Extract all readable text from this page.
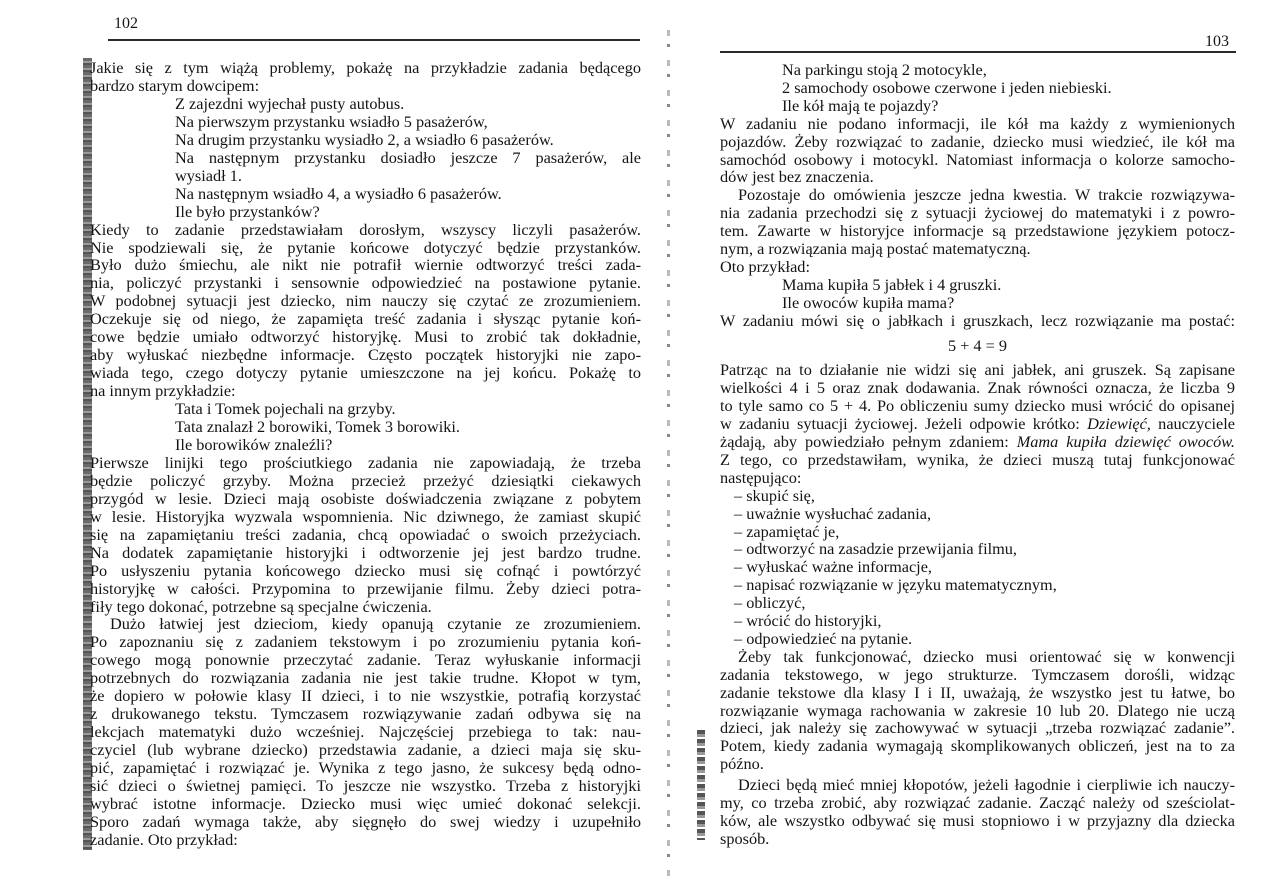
102
Jakie się z tym wiążą problemy, pokażę na przykładzie zadania będącego
bardzo starym dowcipem:
Z zajezdni wyjechał pusty autobus.
Na pierwszym przystanku wsiadło 5 pasażerów,
Na drugim przystanku wysiadło 2, a wsiadło 6 pasażerów.
Na następnym przystanku dosiadło jeszcze 7 pasażerów, ale
wysiadł 1.
Na następnym wsiadło 4, a wysiadło 6 pasażerów.
Ile było przystanków?
Kiedy to zadanie przedstawiałam dorosłym, wszyscy liczyli pasażerów.
Nie spodziewali się, że pytanie końcowe dotyczyć będzie przystanków.
Było dużo śmiechu, ale nikt nie potrafił wiernie odtworzyć treści zada-
nia, policzyć przystanki i sensownie odpowiedzieć na postawione pytanie.
W podobnej sytuacji jest dziecko, nim nauczy się czytać ze zrozumieniem.
Oczekuje się od niego, że zapamięta treść zadania i słysząc pytanie koń-
cowe będzie umiało odtworzyć historyjkę. Musi to zrobić tak dokładnie,
aby wyłuskać niezbędne informacje. Często początek historyjki nie zapo-
wiada tego, czego dotyczy pytanie umieszczone na jej końcu. Pokażę to
na innym przykładzie:
Tata i Tomek pojechali na grzyby.
Tata znalazł 2 borowiki, Tomek 3 borowiki.
Ile borowików znaleźli?
Pierwsze linijki tego prościutkiego zadania nie zapowiadają, że trzeba
będzie policzyć grzyby. Można przecież przeżyć dziesiątki ciekawych
przygód w lesie. Dzieci mają osobiste doświadczenia związane z pobytem
w lesie. Historyjka wyzwala wspomnienia. Nic dziwnego, że zamiast skupić
się na zapamiętaniu treści zadania, chcą opowiadać o swoich przeżyciach.
Na dodatek zapamiętanie historyjki i odtworzenie jej jest bardzo trudne.
Po usłyszeniu pytania końcowego dziecko musi się cofnąć i powtórzyć
historyjkę w całości. Przypomina to przewijanie filmu. Żeby dzieci potra-
fiły tego dokonać, potrzebne są specjalne ćwiczenia.
Dużo łatwiej jest dzieciom, kiedy opanują czytanie ze zrozumieniem.
Po zapoznaniu się z zadaniem tekstowym i po zrozumieniu pytania koń-
cowego mogą ponownie przeczytać zadanie. Teraz wyłuskanie informacji
potrzebnych do rozwiązania zadania nie jest takie trudne. Kłopot w tym,
że dopiero w połowie klasy II dzieci, i to nie wszystkie, potrafią korzystać
z drukowanego tekstu. Tymczasem rozwiązywanie zadań odbywa się na
lekcjach matematyki dużo wcześniej. Najczęściej przebiega to tak: nau-
czyciel (lub wybrane dziecko) przedstawia zadanie, a dzieci maja się sku-
pić, zapamiętać i rozwiązać je. Wynika z tego jasno, że sukcesy będą odno-
sić dzieci o świetnej pamięci. To jeszcze nie wszystko. Trzeba z historyjki
wybrać istotne informacje. Dziecko musi więc umieć dokonać selekcji.
Sporo zadań wymaga także, aby sięgnęło do swej wiedzy i uzupełniło
zadanie. Oto przykład:
103
Na parkingu stoją 2 motocykle,
2 samochody osobowe czerwone i jeden niebieski.
Ile kół mają te pojazdy?
W zadaniu nie podano informacji, ile kół ma każdy z wymienionych
pojazdów. Żeby rozwiązać to zadanie, dziecko musi wiedzieć, ile kół ma
samochód osobowy i motocykl. Natomiast informacja o kolorze samocho-
dów jest bez znaczenia.
Pozostaje do omówienia jeszcze jedna kwestia. W trakcie rozwiązywa-
nia zadania przechodzi się z sytuacji życiowej do matematyki i z powro-
tem. Zawarte w historyjce informacje są przedstawione językiem potocz-
nym, a rozwiązania mają postać matematyczną.
Oto przykład:
Mama kupiła 5 jabłek i 4 gruszki.
Ile owoców kupiła mama?
W zadaniu mówi się o jabłkach i gruszkach, lecz rozwiązanie ma postać:
5 + 4 = 9
Patrząc na to działanie nie widzi się ani jabłek, ani gruszek. Są zapisane
wielkości 4 i 5 oraz znak dodawania. Znak równości oznacza, że liczba 9
to tyle samo co 5 + 4. Po obliczeniu sumy dziecko musi wrócić do opisanej
w zadaniu sytuacji życiowej. Jeżeli odpowie krótko: Dziewięć, nauczyciele
żądają, aby powiedziało pełnym zdaniem: Mama kupiła dziewięć owoców.
Z tego, co przedstawiłam, wynika, że dzieci muszą tutaj funkcjonować
następująco:
– skupić się,
– uważnie wysłuchać zadania,
– zapamiętać je,
– odtworzyć na zasadzie przewijania filmu,
– wyłuskać ważne informacje,
– napisać rozwiązanie w języku matematycznym,
– obliczyć,
– wrócić do historyjki,
– odpowiedzieć na pytanie.
Żeby tak funkcjonować, dziecko musi orientować się w konwencji
zadania tekstowego, w jego strukturze. Tymczasem dorośli, widząc
zadanie tekstowe dla klasy I i II, uważają, że wszystko jest tu łatwe, bo
rozwiązanie wymaga rachowania w zakresie 10 lub 20. Dlatego nie uczą
dzieci, jak należy się zachowywać w sytuacji „trzeba rozwiązać zadanie”.
Potem, kiedy zadania wymagają skomplikowanych obliczeń, jest na to za
późno.
Dzieci będą mieć mniej kłopotów, jeżeli łagodnie i cierpliwie ich nauczy-
my, co trzeba zrobić, aby rozwiązać zadanie. Zacząć należy od sześciolat-
ków, ale wszystko odbywać się musi stopniowo i w przyjazny dla dziecka
sposób.
